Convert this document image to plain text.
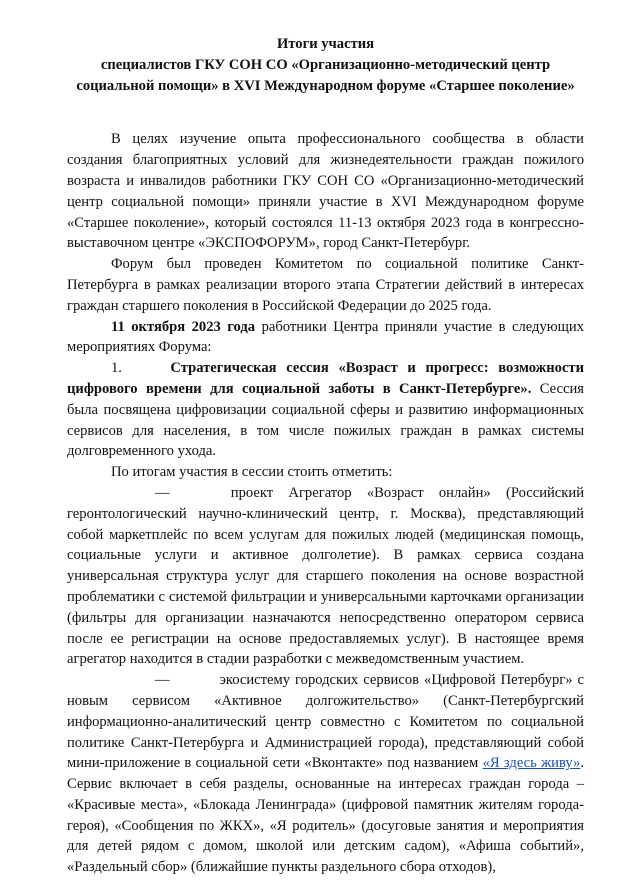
Итоги участия
специалистов ГКУ СОН СО «Организационно-методический центр
социальной помощи» в XVI Международном форуме «Старшее поколение»

В целях изучение опыта профессионального сообщества в области создания благоприятных условий для жизнедеятельности граждан пожилого возраста и инвалидов работники ГКУ СОН СО «Организационно-методический центр социальной помощи» приняли участие в XVI Международном форуме «Старшее поколение», который состоялся 11-13 октября 2023 года в конгрессно-выставочном центре «ЭКСПОФОРУМ», город Санкт-Петербург.

Форум был проведен Комитетом по социальной политике Санкт-Петербурга в рамках реализации второго этапа Стратегии действий в интересах граждан старшего поколения в Российской Федерации до 2025 года.

11 октября 2023 года работники Центра приняли участие в следующих мероприятиях Форума:

1.	Стратегическая сессия «Возраст и прогресс: возможности цифрового времени для социальной заботы в Санкт-Петербурге». Сессия была посвящена цифровизации социальной сферы и развитию информационных сервисов для населения, в том числе пожилых граждан в рамках системы долговременного ухода.

По итогам участия в сессии стоить отметить:

—	проект Агрегатор «Возраст онлайн» (Российский геронтологический научно-клинический центр, г. Москва), представляющий собой маркетплейс по всем услугам для пожилых людей (медицинская помощь, социальные услуги и активное долголетие). В рамках сервиса создана универсальная структура услуг для старшего поколения на основе возрастной проблематики с системой фильтрации и универсальными карточками организации (фильтры для организации назначаются непосредственно оператором сервиса после ее регистрации на основе предоставляемых услуг). В настоящее время агрегатор находится в стадии разработки с межведомственным участием.

—	экосистему городских сервисов «Цифровой Петербург» с новым сервисом «Активное долгожительство» (Санкт-Петербургский информационно-аналитический центр совместно с Комитетом по социальной политике Санкт-Петербурга и Администрацией города), представляющий собой мини-приложение в социальной сети «Вконтакте» под названием «Я здесь живу». Сервис включает в себя разделы, основанные на интересах граждан города – «Красивые места», «Блокада Ленинграда» (цифровой памятник жителям города-героя), «Сообщения по ЖКХ», «Я родитель» (досуговые занятия и мероприятия для детей рядом с домом, школой или детским садом), «Афиша событий», «Раздельный сбор» (ближайшие пункты раздельного сбора отходов),
